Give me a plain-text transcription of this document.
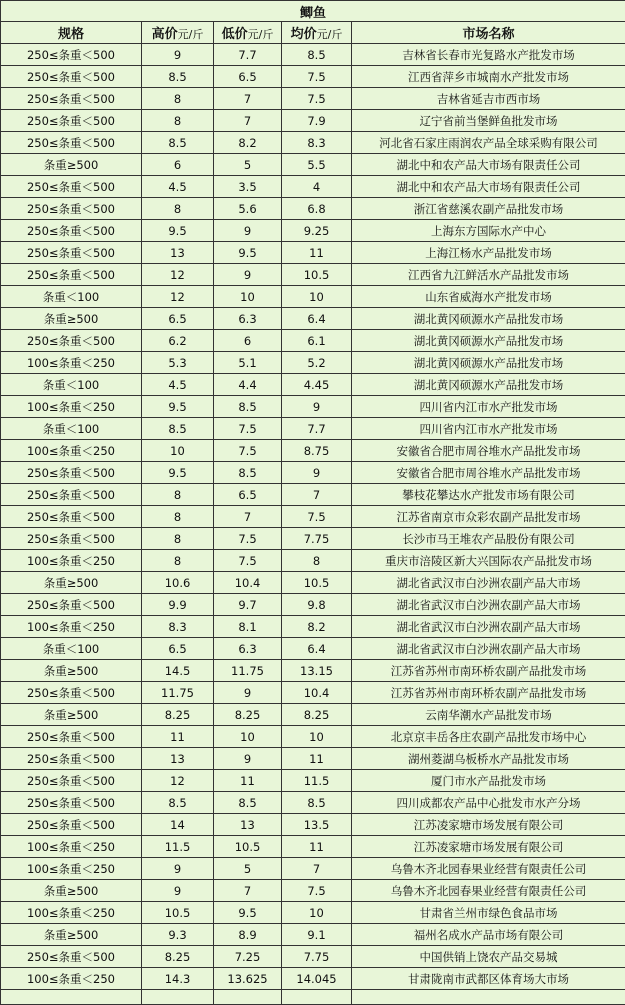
鲫鱼				
规格	高价元/斤	低价元/斤	均价元/斤	市场名称
250≤条重＜500	9	7.7	8.5	吉林省长春市光复路水产批发市场
250≤条重＜500	8.5	6.5	7.5	江西省萍乡市城南水产批发市场
250≤条重＜500	8	7	7.5	吉林省延吉市西市场
250≤条重＜500	8	7	7.9	辽宁省前当堡鲜鱼批发市场
250≤条重＜500	8.5	8.2	8.3	河北省石家庄雨润农产品全球采购有限公司
条重≥500	6	5	5.5	湖北中和农产品大市场有限责任公司
250≤条重＜500	4.5	3.5	4	湖北中和农产品大市场有限责任公司
250≤条重＜500	8	5.6	6.8	浙江省慈溪农副产品批发市场
250≤条重＜500	9.5	9	9.25	上海东方国际水产中心
250≤条重＜500	13	9.5	11	上海江杨水产品批发市场
250≤条重＜500	12	9	10.5	江西省九江鲜活水产品批发市场
条重＜100	12	10	10	山东省威海水产批发市场
条重≥500	6.5	6.3	6.4	湖北黄冈硕源水产品批发市场
250≤条重＜500	6.2	6	6.1	湖北黄冈硕源水产品批发市场
100≤条重＜250	5.3	5.1	5.2	湖北黄冈硕源水产品批发市场
条重＜100	4.5	4.4	4.45	湖北黄冈硕源水产品批发市场
100≤条重＜250	9.5	8.5	9	四川省内江市水产批发市场
条重＜100	8.5	7.5	7.7	四川省内江市水产批发市场
100≤条重＜250	10	7.5	8.75	安徽省合肥市周谷堆水产品批发市场
250≤条重＜500	9.5	8.5	9	安徽省合肥市周谷堆水产品批发市场
250≤条重＜500	8	6.5	7	攀枝花攀达水产批发市场有限公司
250≤条重＜500	8	7	7.5	江苏省南京市众彩农副产品批发市场
250≤条重＜500	8	7.5	7.75	长沙市马王堆农产品股份有限公司
100≤条重＜250	8	7.5	8	重庆市涪陵区新大兴国际农产品批发市场
条重≥500	10.6	10.4	10.5	湖北省武汉市白沙洲农副产品大市场
250≤条重＜500	9.9	9.7	9.8	湖北省武汉市白沙洲农副产品大市场
100≤条重＜250	8.3	8.1	8.2	湖北省武汉市白沙洲农副产品大市场
条重＜100	6.5	6.3	6.4	湖北省武汉市白沙洲农副产品大市场
条重≥500	14.5	11.75	13.15	江苏省苏州市南环桥农副产品批发市场
250≤条重＜500	11.75	9	10.4	江苏省苏州市南环桥农副产品批发市场
条重≥500	8.25	8.25	8.25	云南华潮水产品批发市场
250≤条重＜500	11	10	10	北京京丰岳各庄农副产品批发市场中心
250≤条重＜500	13	9	11	湖州菱湖乌板桥水产品批发市场
250≤条重＜500	12	11	11.5	厦门市水产品批发市场
250≤条重＜500	8.5	8.5	8.5	四川成都农产品中心批发市水产分场
250≤条重＜500	14	13	13.5	江苏凌家塘市场发展有限公司
100≤条重＜250	11.5	10.5	11	江苏凌家塘市场发展有限公司
100≤条重＜250	9	5	7	乌鲁木齐北园春果业经营有限责任公司
条重≥500	9	7	7.5	乌鲁木齐北园春果业经营有限责任公司
100≤条重＜250	10.5	9.5	10	甘肃省兰州市绿色食品市场
条重≥500	9.3	8.9	9.1	福州名成水产品市场有限公司
250≤条重＜500	8.25	7.25	7.75	中国供销上饶农产品交易城
100≤条重＜250	14.3	13.625	14.045	甘肃陇南市武都区体育场大市场
